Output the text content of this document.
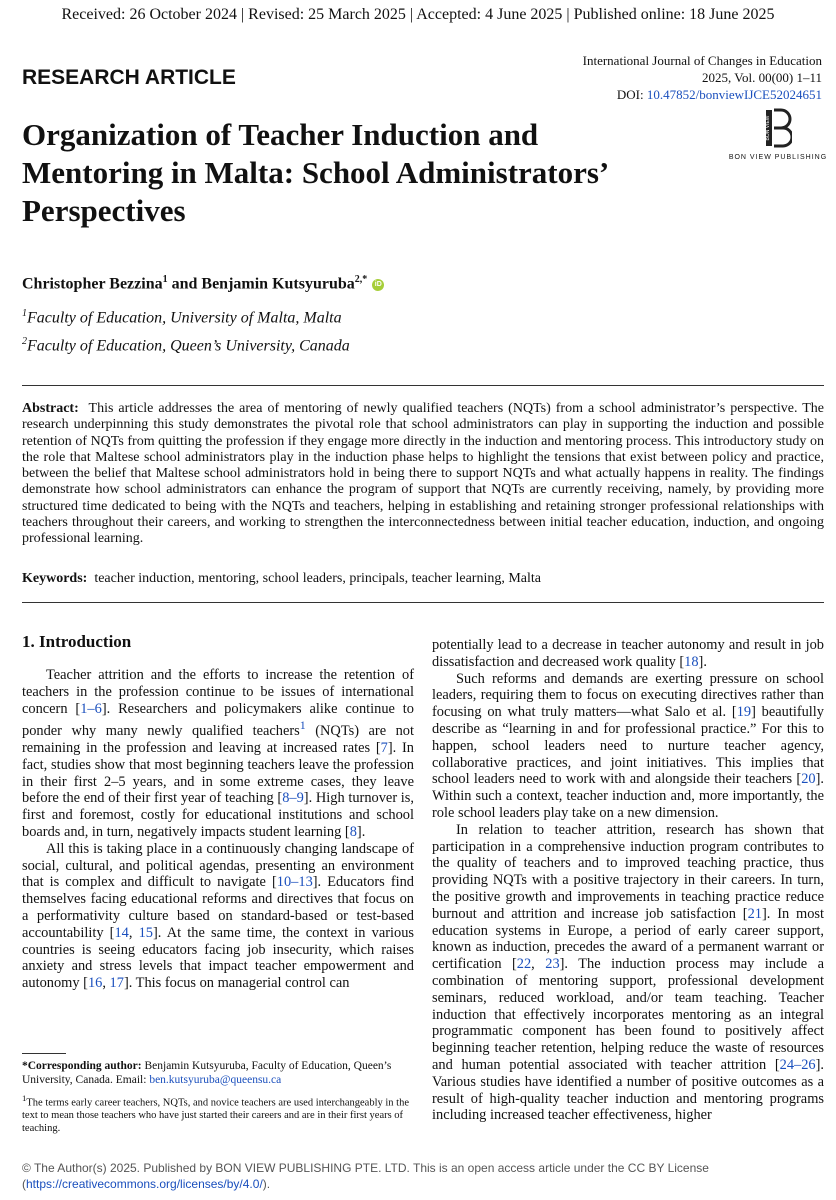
Received: 26 October 2024 | Revised: 25 March 2025 | Accepted: 4 June 2025 | Published online: 18 June 2025
RESEARCH ARTICLE
International Journal of Changes in Education
2025, Vol. 00(00) 1–11
DOI: 10.47852/bonviewIJCE52024651
BON VIEW
BON VIEW PUBLISHING
Organization of Teacher Induction and Mentoring in Malta: School Administrators’ Perspectives
Christopher Bezzina$^1$ and Benjamin Kutsyuruba$^{2,*}$ iD
$^1$Faculty of Education, University of Malta, Malta
$^2$Faculty of Education, Queen’s University, Canada
Abstract: This article addresses the area of mentoring of newly qualified teachers (NQTs) from a school administrator’s perspective. The research underpinning this study demonstrates the pivotal role that school administrators can play in supporting the induction and possible retention of NQTs from quitting the profession if they engage more directly in the induction and mentoring process. This introductory study on the role that Maltese school administrators play in the induction phase helps to highlight the tensions that exist between policy and practice, between the belief that Maltese school administrators hold in being there to support NQTs and what actually happens in reality. The findings demonstrate how school administrators can enhance the program of support that NQTs are currently receiving, namely, by providing more structured time dedicated to being with the NQTs and teachers, helping in establishing and retaining stronger professional relationships with teachers throughout their careers, and working to strengthen the interconnectedness between initial teacher education, induction, and ongoing professional learning.
Keywords: teacher induction, mentoring, school leaders, principals, teacher learning, Malta
1. Introduction

Teacher attrition and the efforts to increase the retention of teachers in the profession continue to be issues of international concern [1–6]. Researchers and policymakers alike continue to ponder why many newly qualified teachers$^1$ (NQTs) are not remaining in the profession and leaving at increased rates [7]. In fact, studies show that most beginning teachers leave the profession in their first 2–5 years, and in some extreme cases, they leave before the end of their first year of teaching [8–9]. High turnover is, first and foremost, costly for educational institutions and school boards and, in turn, negatively impacts student learning [8].

All this is taking place in a continuously changing landscape of social, cultural, and political agendas, presenting an environment that is complex and difficult to navigate [10–13]. Educators find themselves facing educational reforms and directives that focus on a performativity culture based on standard-based or test-based accountability [14, 15]. At the same time, the context in various countries is seeing educators facing job insecurity, which raises anxiety and stress levels that impact teacher empowerment and autonomy [16, 17]. This focus on managerial control can

potentially lead to a decrease in teacher autonomy and result in job dissatisfaction and decreased work quality [18].

Such reforms and demands are exerting pressure on school leaders, requiring them to focus on executing directives rather than focusing on what truly matters—what Salo et al. [19] beautifully describe as “learning in and for professional practice.” For this to happen, school leaders need to nurture teacher agency, collaborative practices, and joint initiatives. This implies that school leaders need to work with and alongside their teachers [20]. Within such a context, teacher induction and, more importantly, the role school leaders play take on a new dimension.

In relation to teacher attrition, research has shown that participation in a comprehensive induction program contributes to the quality of teachers and to improved teaching practice, thus providing NQTs with a positive trajectory in their careers. In turn, the positive growth and improvements in teaching practice reduce burnout and attrition and increase job satisfaction [21]. In most education systems in Europe, a period of early career support, known as induction, precedes the award of a permanent warrant or certification [22, 23]. The induction process may include a combination of mentoring support, professional development seminars, reduced workload, and/or team teaching. Teacher induction that effectively incorporates mentoring as an integral programmatic component has been found to positively affect beginning teacher retention, helping reduce the waste of resources and human potential associated with teacher attrition [24–26]. Various studies have identified a number of positive outcomes as a result of high-quality teacher induction and mentoring programs including increased teacher effectiveness, higher

*Corresponding author: Benjamin Kutsyuruba, Faculty of Education, Queen’s University, Canada. Email: ben.kutsyuruba@queensu.ca
$^1$The terms early career teachers, NQTs, and novice teachers are used interchangeably in the text to mean those teachers who have just started their careers and are in their first years of teaching.
© The Author(s) 2025. Published by BON VIEW PUBLISHING PTE. LTD. This is an open access article under the CC BY License (https://creativecommons.org/licenses/by/4.0/).
